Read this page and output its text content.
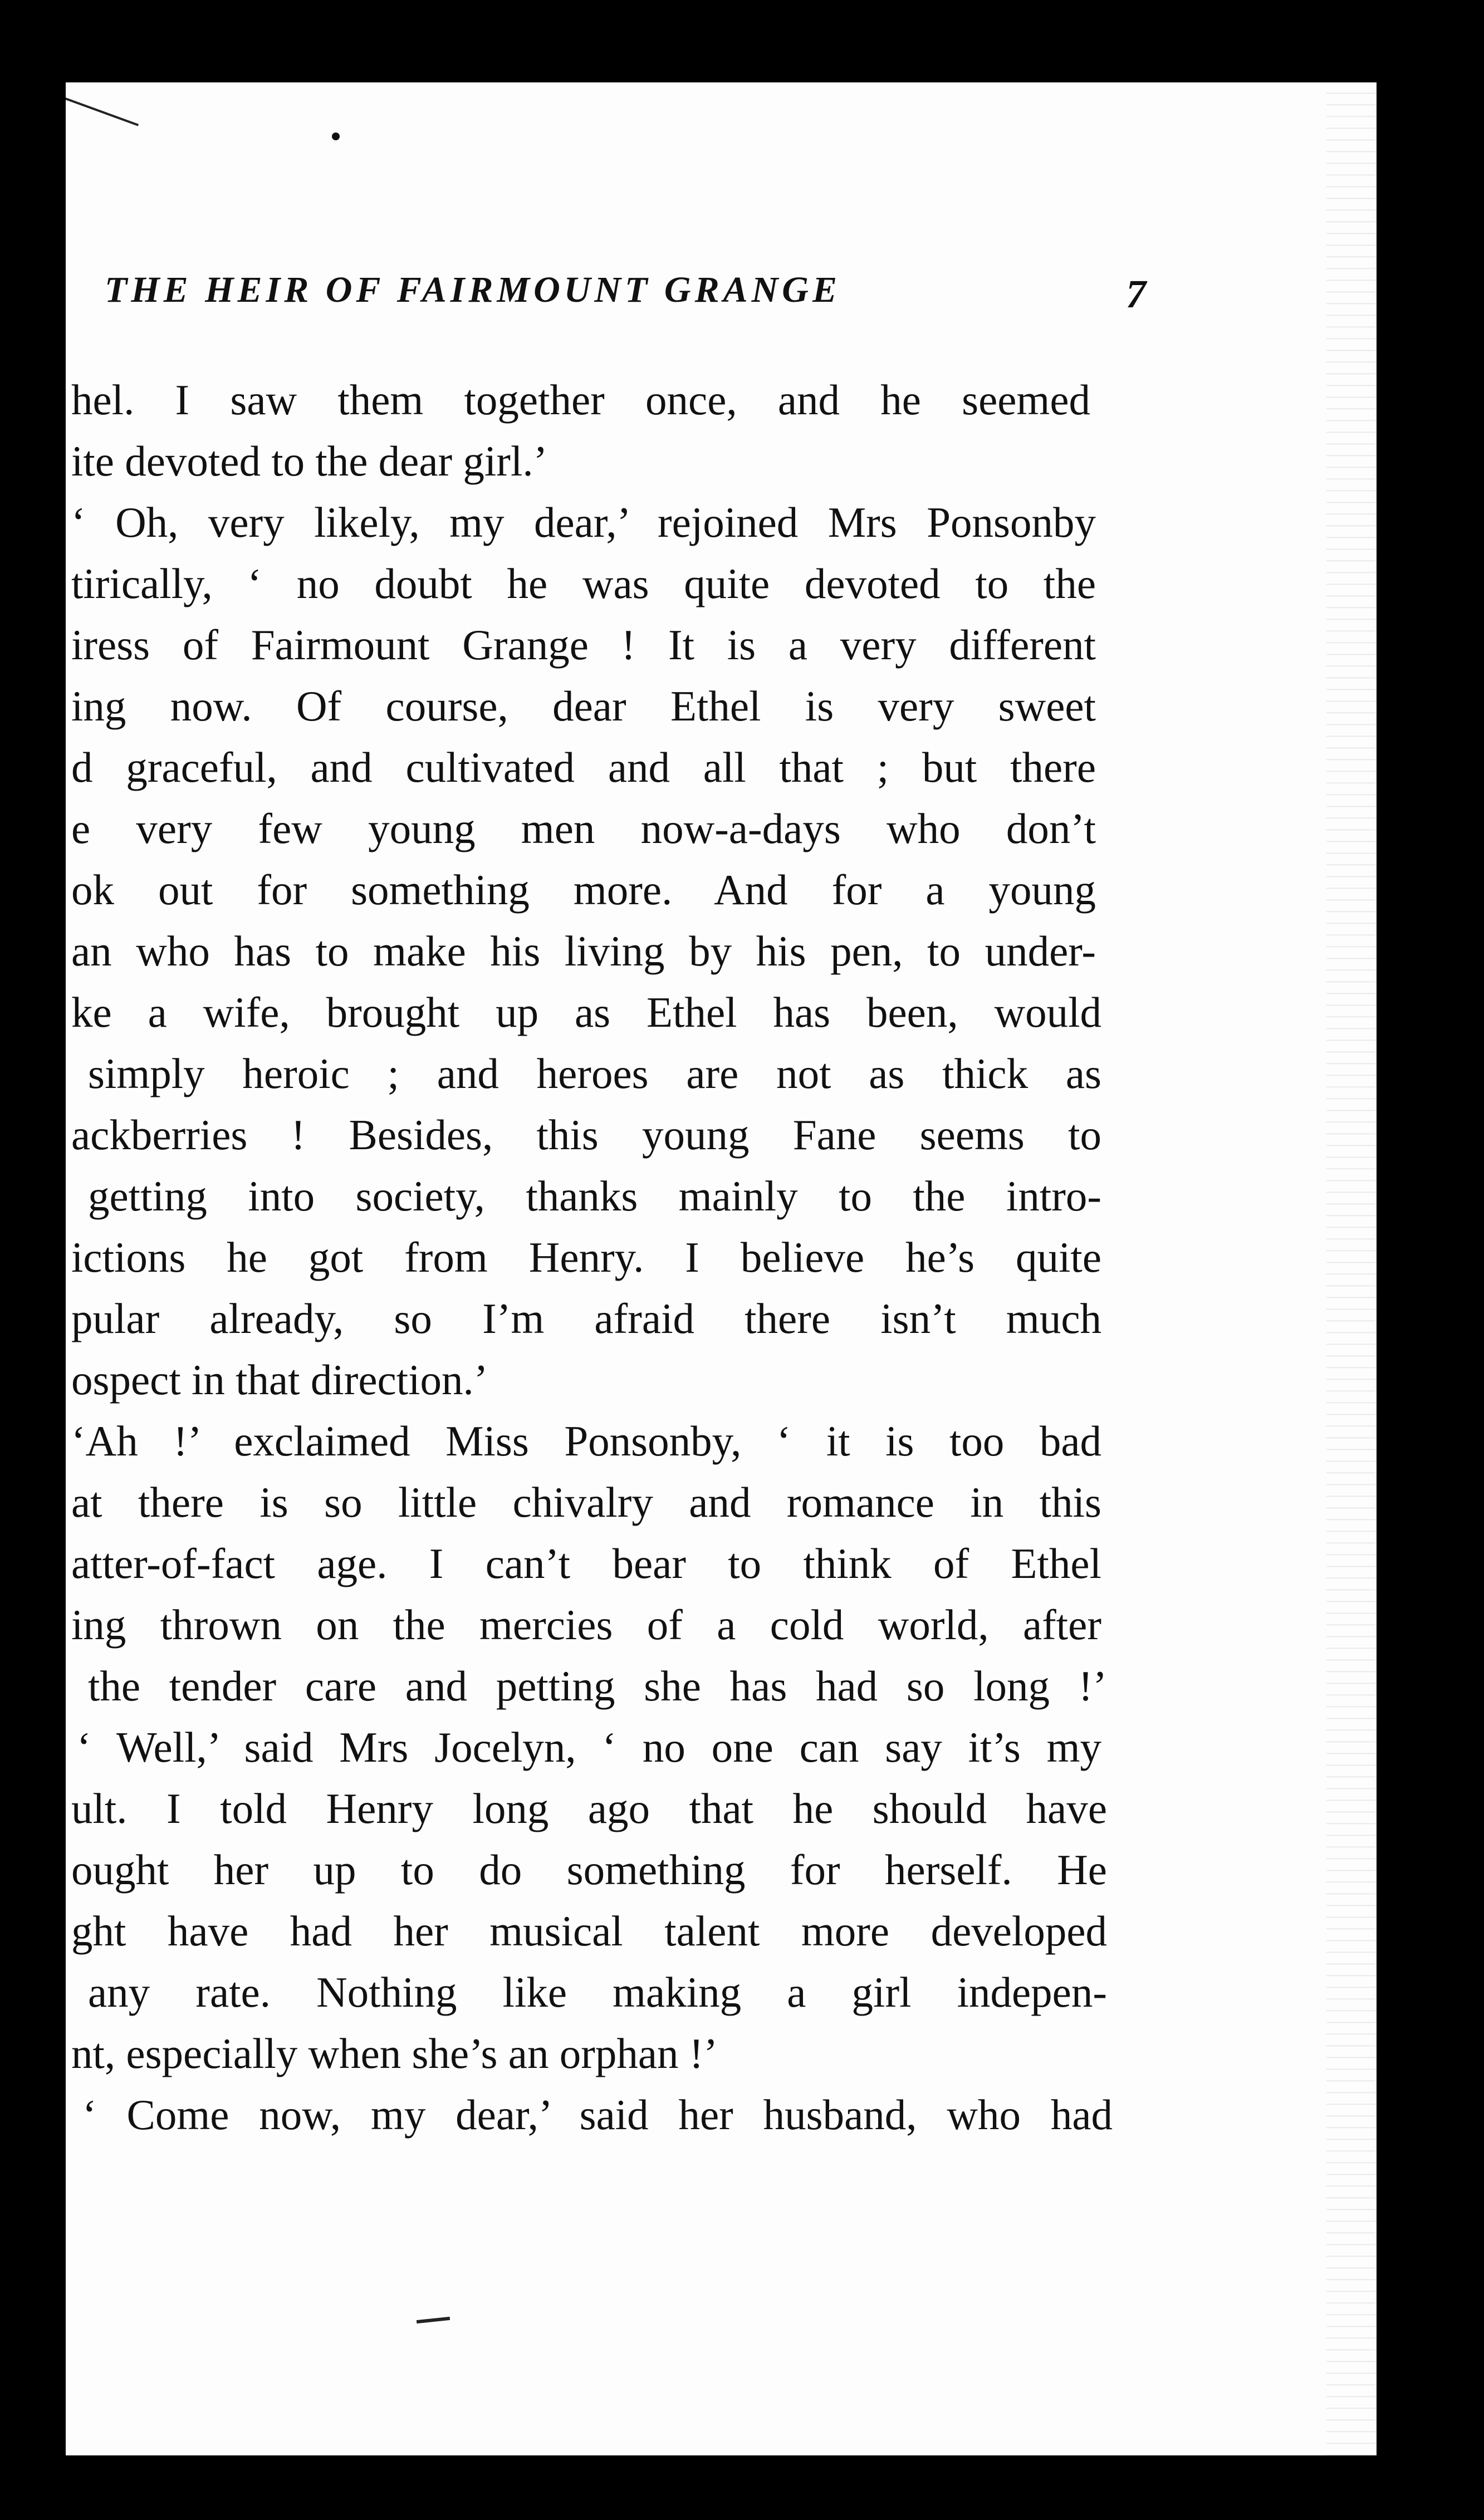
THE HEIR OF FAIRMOUNT GRANGE	7
hel. I saw them together once, and he seemed
ite devoted to the dear girl.’
‘ Oh, very likely, my dear,’ rejoined Mrs Ponsonby
tirically, ‘ no doubt he was quite devoted to the
iress of Fairmount Grange ! It is a very different
ing now. Of course, dear Ethel is very sweet
d graceful, and cultivated and all that ; but there
e very few young men now-a-days who don’t
ok out for something more. And for a young
an who has to make his living by his pen, to under-
ke a wife, brought up as Ethel has been, would
simply heroic ; and heroes are not as thick as
ackberries ! Besides, this young Fane seems to
getting into society, thanks mainly to the intro-
ictions he got from Henry. I believe he’s quite
pular already, so I’m afraid there isn’t much
ospect in that direction.’
‘Ah !’ exclaimed Miss Ponsonby, ‘ it is too bad
at there is so little chivalry and romance in this
atter-of-fact age. I can’t bear to think of Ethel
ing thrown on the mercies of a cold world, after
the tender care and petting she has had so long !’
‘ Well,’ said Mrs Jocelyn, ‘ no one can say it’s my
ult. I told Henry long ago that he should have
ought her up to do something for herself. He
ght have had her musical talent more developed
any rate. Nothing like making a girl indepen-
nt, especially when she’s an orphan !’
‘ Come now, my dear,’ said her husband, who had
